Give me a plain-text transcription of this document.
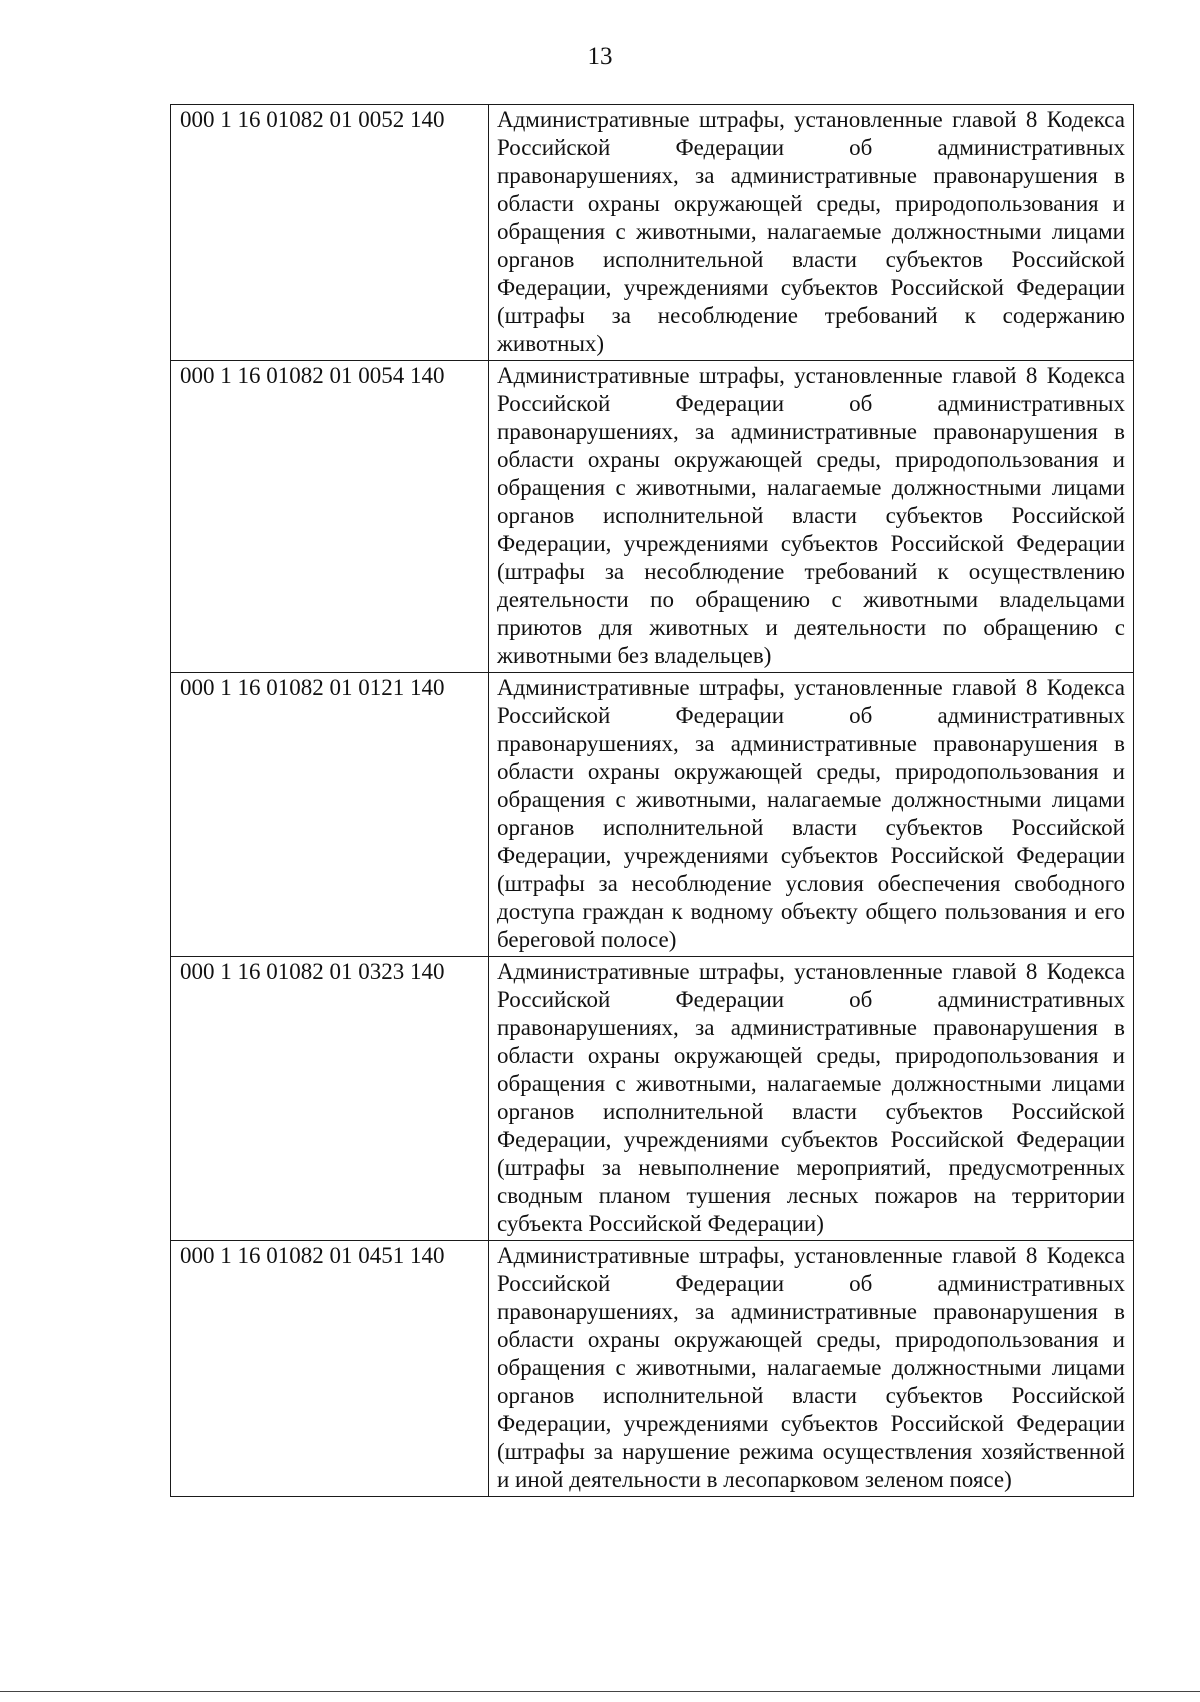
13
000 1 16 01082 01 0052 140	Административные штрафы, установленные главой 8 Кодекса Российской Федерации об административных правонарушениях, за административные правонарушения в области охраны окружающей среды, природопользования и обращения с животными, налагаемые должностными лицами органов исполнительной власти субъектов Российской Федерации, учреждениями субъектов Российской Федерации (штрафы за несоблюдение требований к содержанию животных)
000 1 16 01082 01 0054 140	Административные штрафы, установленные главой 8 Кодекса Российской Федерации об административных правонарушениях, за административные правонарушения в области охраны окружающей среды, природопользования и обращения с животными, налагаемые должностными лицами органов исполнительной власти субъектов Российской Федерации, учреждениями субъектов Российской Федерации (штрафы за несоблюдение требований к осуществлению деятельности по обращению с животными владельцами приютов для животных и деятельности по обращению с животными без владельцев)
000 1 16 01082 01 0121 140	Административные штрафы, установленные главой 8 Кодекса Российской Федерации об административных правонарушениях, за административные правонарушения в области охраны окружающей среды, природопользования и обращения с животными, налагаемые должностными лицами органов исполнительной власти субъектов Российской Федерации, учреждениями субъектов Российской Федерации (штрафы за несоблюдение условия обеспечения свободного доступа граждан к водному объекту общего пользования и его береговой полосе)
000 1 16 01082 01 0323 140	Административные штрафы, установленные главой 8 Кодекса Российской Федерации об административных правонарушениях, за административные правонарушения в области охраны окружающей среды, природопользования и обращения с животными, налагаемые должностными лицами органов исполнительной власти субъектов Российской Федерации, учреждениями субъектов Российской Федерации (штрафы за невыполнение мероприятий, предусмотренных сводным планом тушения лесных пожаров на территории субъекта Российской Федерации)
000 1 16 01082 01 0451 140	Административные штрафы, установленные главой 8 Кодекса Российской Федерации об административных правонарушениях, за административные правонарушения в области охраны окружающей среды, природопользования и обращения с животными, налагаемые должностными лицами органов исполнительной власти субъектов Российской Федерации, учреждениями субъектов Российской Федерации (штрафы за нарушение режима осуществления хозяйственной и иной деятельности в лесопарковом зеленом поясе)
